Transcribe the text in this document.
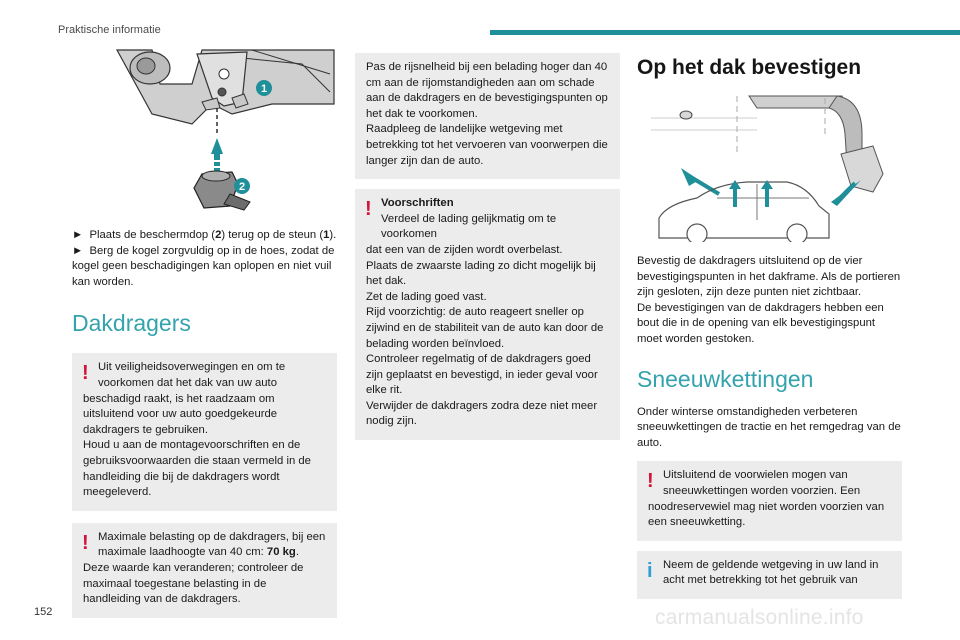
Praktische informatie
1
2

► Plaats de beschermdop (2) terug op de steun (1).

► Berg de kogel zorgvuldig op in de hoes, zodat de kogel geen beschadigingen kan oplopen en niet vuil kan worden.

Dakdragers
! Uit veiligheidsoverwegingen en om te voorkomen dat het dak van uw auto

beschadigd raakt, is het raadzaam om uitsluitend voor uw auto goedgekeurde dakdragers te gebruiken.

Houd u aan de montagevoorschriften en de gebruiksvoorwaarden die staan vermeld in de handleiding die bij de dakdragers wordt meegeleverd.

! Maximale belasting op de dakdragers, bij een maximale laadhoogte van 40 cm: 70 kg.

Deze waarde kan veranderen; controleer de maximaal toegestane belasting in de handleiding van de dakdragers.

Pas de rijsnelheid bij een belading hoger dan 40 cm aan de rijomstandigheden aan om schade aan de dakdragers en de bevestigingspunten op het dak te voorkomen.

Raadpleeg de landelijke wetgeving met betrekking tot het vervoeren van voorwerpen die langer zijn dan de auto.

! Voorschriften

Verdeel de lading gelijkmatig om te voorkomen

dat een van de zijden wordt overbelast.

Plaats de zwaarste lading zo dicht mogelijk bij het dak.

Zet de lading goed vast.

Rijd voorzichtig: de auto reageert sneller op zijwind en de stabiliteit van de auto kan door de belading worden beïnvloed.

Controleer regelmatig of de dakdragers goed zijn geplaatst en bevestigd, in ieder geval voor elke rit.

Verwijder de dakdragers zodra deze niet meer nodig zijn.

Op het dak bevestigen

Bevestig de dakdragers uitsluitend op de vier bevestigingspunten in het dakframe. Als de portieren zijn gesloten, zijn deze punten niet zichtbaar.

De bevestigingen van de dakdragers hebben een bout die in de opening van elk bevestigingspunt moet worden gestoken.

Sneeuwkettingen

Onder winterse omstandigheden verbeteren sneeuwkettingen de tractie en het remgedrag van de auto.

! Uitsluitend de voorwielen mogen van sneeuwkettingen worden voorzien. Een

noodreservewiel mag niet worden voorzien van een sneeuwketting.

i Neem de geldende wetgeving in uw land in acht met betrekking tot het gebruik van

152	carmanualsonline.info
